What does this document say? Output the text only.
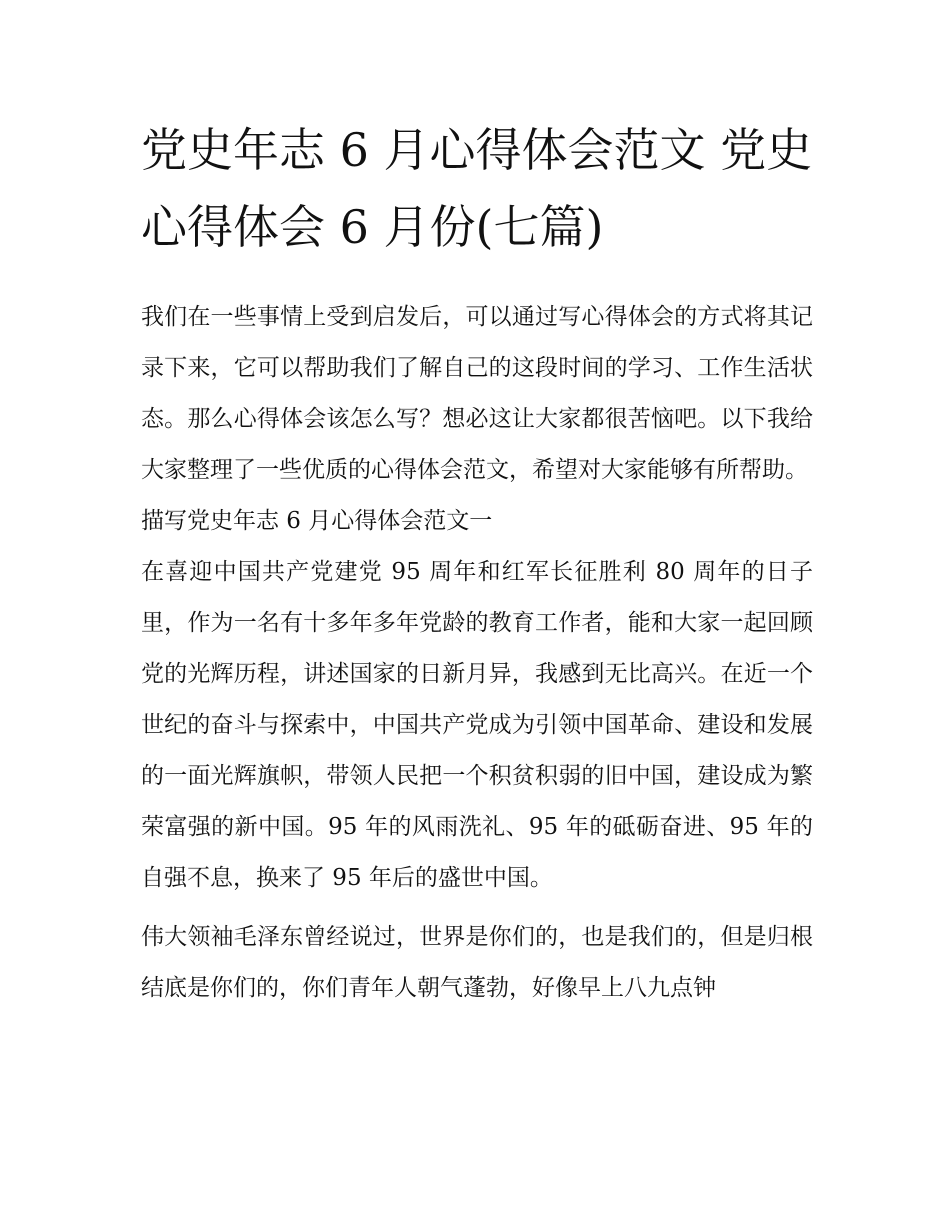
党史年志 6 月心得体会范文 党史心得体会 6 月份(七篇)

我们在一些事情上受到启发后，可以通过写心得体会的方式将其记录下来，它可以帮助我们了解自己的这段时间的学习、工作生活状态。那么心得体会该怎么写？想必这让大家都很苦恼吧。以下我给大家整理了一些优质的心得体会范文，希望对大家能够有所帮助。

描写党史年志 6 月心得体会范文一

在喜迎中国共产党建党 95 周年和红军长征胜利 80 周年的日子里，作为一名有十多年多年党龄的教育工作者，能和大家一起回顾党的光辉历程，讲述国家的日新月异，我感到无比高兴。在近一个世纪的奋斗与探索中，中国共产党成为引领中国革命、建设和发展的一面光辉旗帜，带领人民把一个积贫积弱的旧中国，建设成为繁荣富强的新中国。95 年的风雨洗礼、95 年的砥砺奋进、95 年的自强不息，换来了 95 年后的盛世中国。

伟大领袖毛泽东曾经说过，世界是你们的，也是我们的，但是归根结底是你们的，你们青年人朝气蓬勃，好像早上八九点钟
